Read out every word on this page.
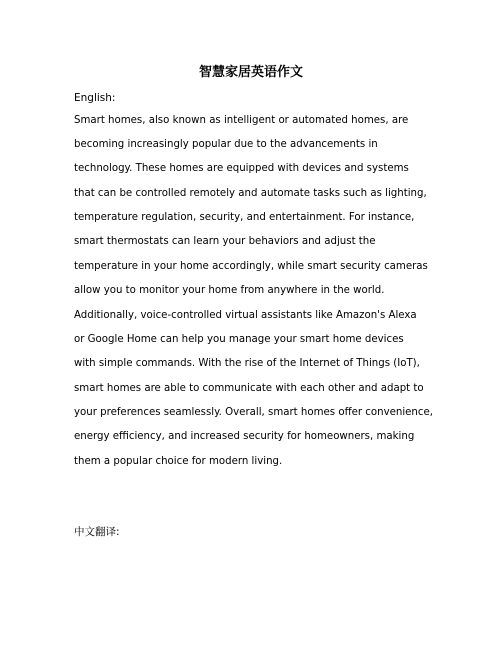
智慧家居英语作文
English:
Smart homes, also known as intelligent or automated homes, are
becoming increasingly popular due to the advancements in
technology. These homes are equipped with devices and systems
that can be controlled remotely and automate tasks such as lighting,
temperature regulation, security, and entertainment. For instance,
smart thermostats can learn your behaviors and adjust the
temperature in your home accordingly, while smart security cameras
allow you to monitor your home from anywhere in the world.
Additionally, voice-controlled virtual assistants like Amazon's Alexa
or Google Home can help you manage your smart home devices
with simple commands. With the rise of the Internet of Things (IoT),
smart homes are able to communicate with each other and adapt to
your preferences seamlessly. Overall, smart homes offer convenience,
energy efficiency, and increased security for homeowners, making
them a popular choice for modern living.
中文翻译:
